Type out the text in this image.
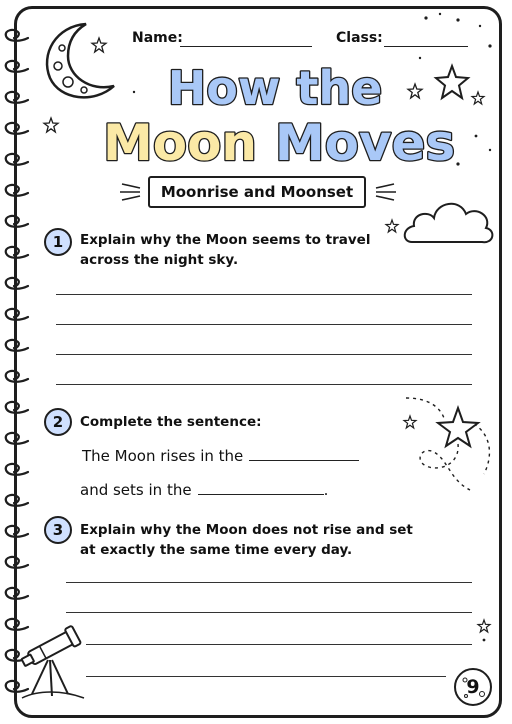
Name:	Class:
How the
Moon Moves
Moonrise and Moonset
1	Explain why the Moon seems to travel
across the night sky.
2	Complete the sentence:
The Moon rises in the
and sets in the	.
3	Explain why the Moon does not rise and set
at exactly the same time every day.
9
